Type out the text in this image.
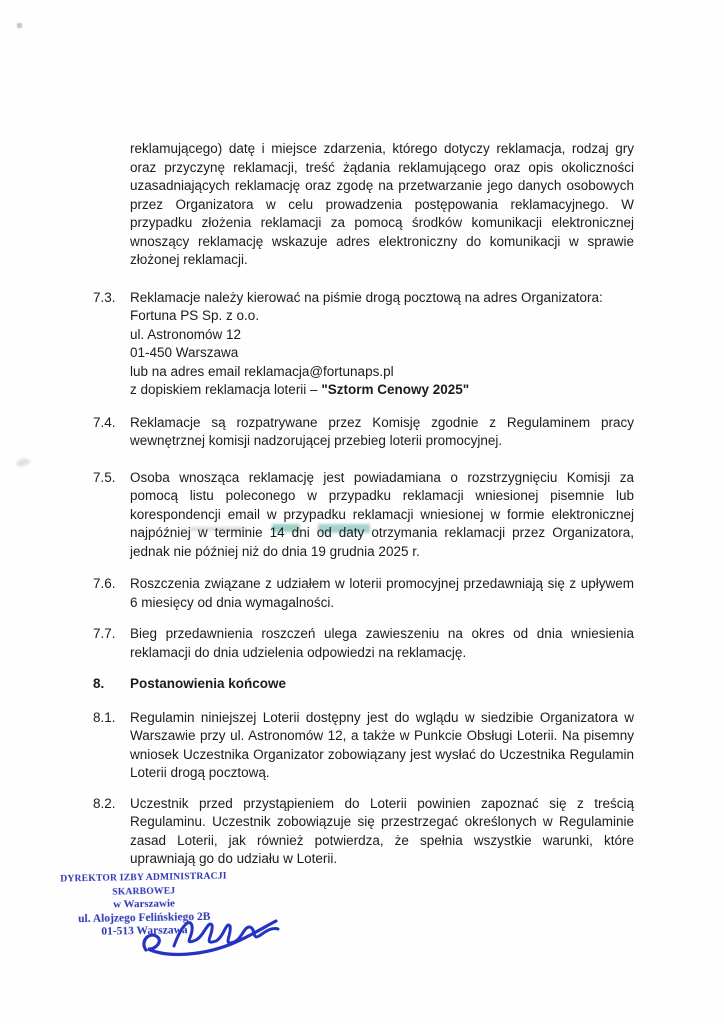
reklamującego) datę i miejsce zdarzenia, którego dotyczy reklamacja, rodzaj gry oraz przyczynę reklamacji, treść żądania reklamującego oraz opis okoliczności uzasadniających reklamację oraz zgodę na przetwarzanie jego danych osobowych przez Organizatora w celu prowadzenia postępowania reklamacyjnego. W przypadku złożenia reklamacji za pomocą środków komunikacji elektronicznej wnoszący reklamację wskazuje adres elektroniczny do komunikacji w sprawie złożonej reklamacji.

7.3.	Reklamacje należy kierować na piśmie drogą pocztową na adres Organizatora:
Fortuna PS Sp. z o.o.
ul. Astronomów 12
01-450 Warszawa
lub na adres email reklamacja@fortunaps.pl
z dopiskiem reklamacja loterii – "Sztorm Cenowy 2025"
7.4.	Reklamacje są rozpatrywane przez Komisję zgodnie z Regulaminem pracy wewnętrznej komisji nadzorującej przebieg loterii promocyjnej.
7.5.	Osoba wnosząca reklamację jest powiadamiana o rozstrzygnięciu Komisji za pomocą listu poleconego w przypadku reklamacji wniesionej pisemnie lub korespondencji email w przypadku reklamacji wniesionej w formie elektronicznej najpóźniej w terminie 14 dni od daty otrzymania reklamacji przez Organizatora, jednak nie później niż do dnia 19 grudnia 2025 r.
7.6.	Roszczenia związane z udziałem w loterii promocyjnej przedawniają się z upływem 6 miesięcy od dnia wymagalności.
7.7.	Bieg przedawnienia roszczeń ulega zawieszeniu na okres od dnia wniesienia reklamacji do dnia udzielenia odpowiedzi na reklamację.
8.	Postanowienia końcowe
8.1.	Regulamin niniejszej Loterii dostępny jest do wglądu w siedzibie Organizatora w Warszawie przy ul. Astronomów 12, a także w Punkcie Obsługi Loterii. Na pisemny wniosek Uczestnika Organizator zobowiązany jest wysłać do Uczestnika Regulamin Loterii drogą pocztową.
8.2.	Uczestnik przed przystąpieniem do Loterii powinien zapoznać się z treścią Regulaminu. Uczestnik zobowiązuje się przestrzegać określonych w Regulaminie zasad Loterii, jak również potwierdza, że spełnia wszystkie warunki, które uprawniają go do udziału w Loterii.
DYREKTOR IZBY ADMINISTRACJI SKARBOWEJ
w Warszawie
ul. Alojzego Felińskiego 2B
01-513 Warszawa
